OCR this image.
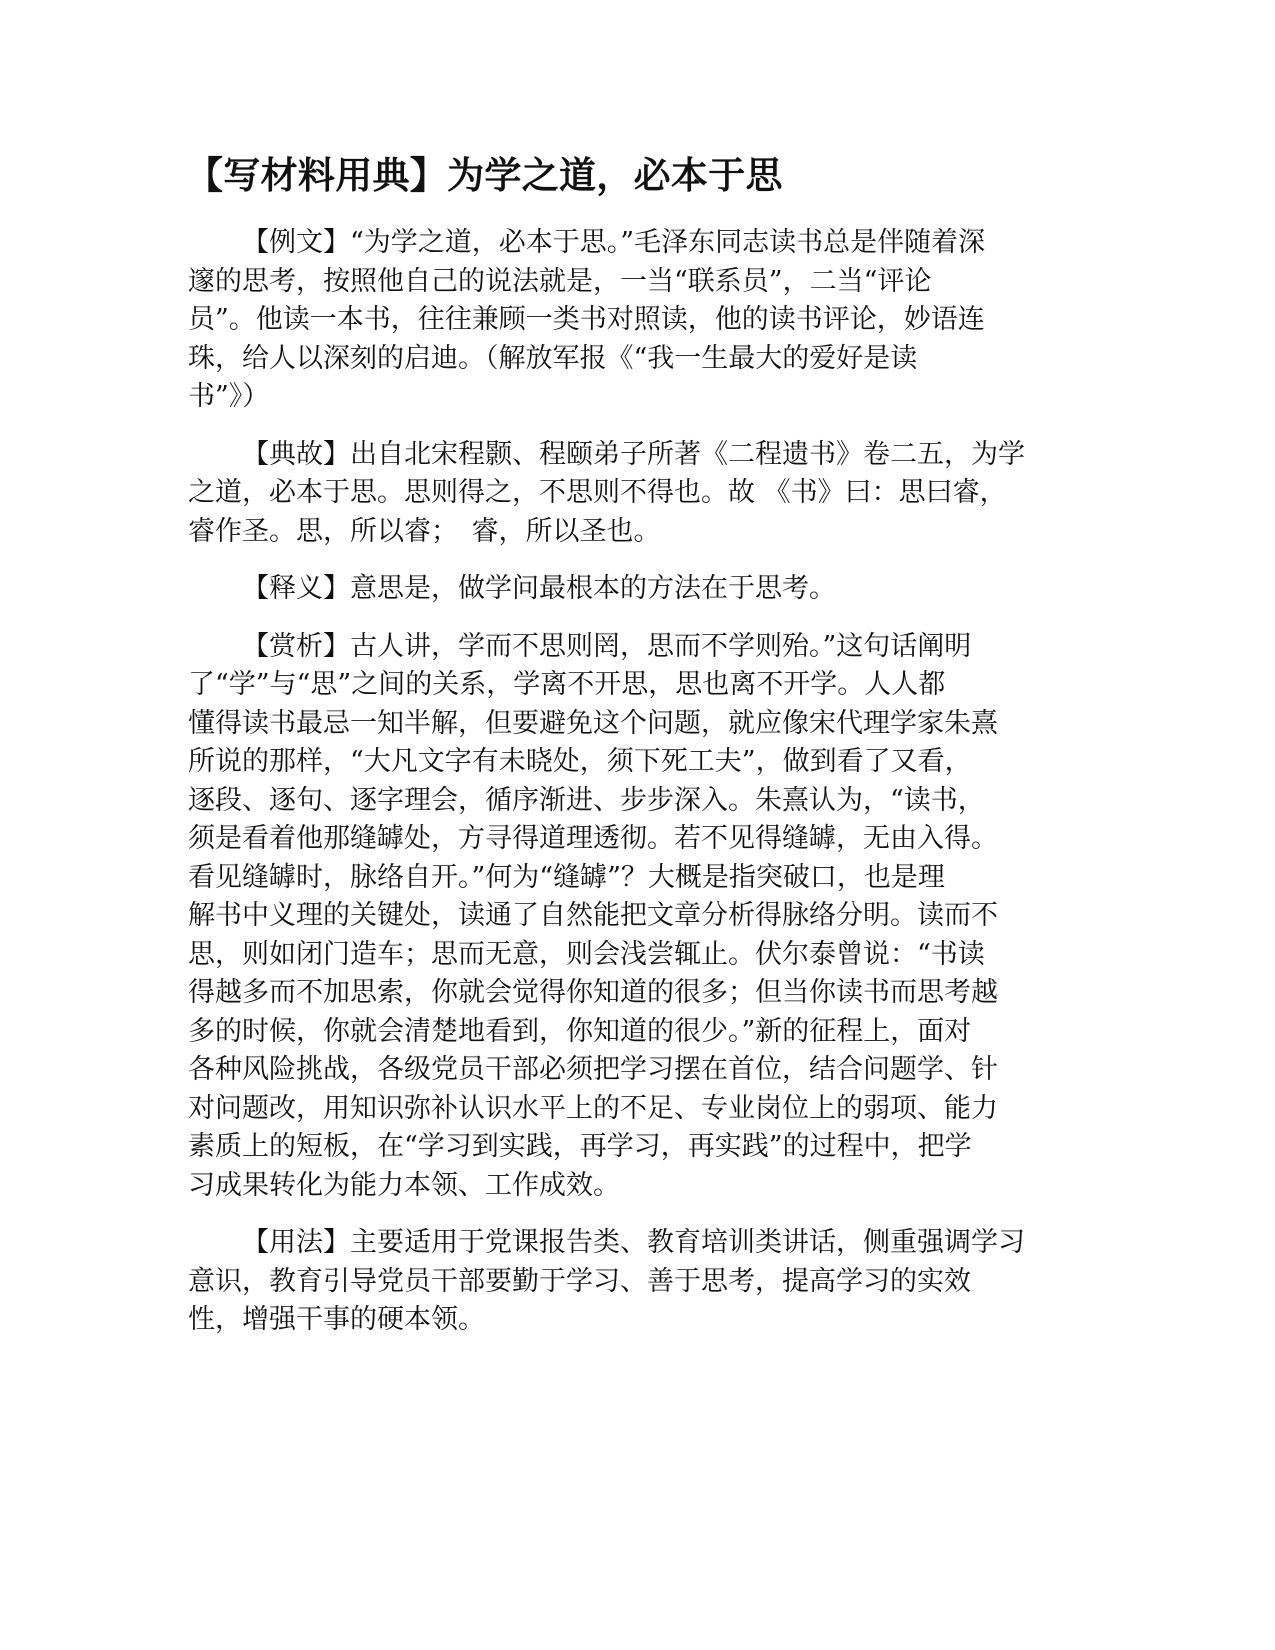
【写材料用典】为学之道，必本于思

【例文】“为学之道，必本于思。”毛泽东同志读书总是伴随着深
邃的思考，按照他自己的说法就是，一当“联系员”，二当“评论
员”。他读一本书，往往兼顾一类书对照读，他的读书评论，妙语连
珠，给人以深刻的启迪。（解放军报《“我一生最大的爱好是读
书”》）

【典故】出自北宋程颢、程颐弟子所著《二程遗书》卷二五，为学
之道，必本于思。思则得之，不思则不得也。故 《书》曰：思曰睿，
睿作圣。思，所以睿；　睿，所以圣也。

【释义】意思是，做学问最根本的方法在于思考。

【赏析】古人讲，学而不思则罔，思而不学则殆。”这句话阐明
了“学”与“思”之间的关系，学离不开思，思也离不开学。人人都
懂得读书最忌一知半解，但要避免这个问题，就应像宋代理学家朱熹
所说的那样，“大凡文字有未晓处，须下死工夫”，做到看了又看，
逐段、逐句、逐字理会，循序渐进、步步深入。朱熹认为，“读书，
须是看着他那缝罅处，方寻得道理透彻。若不见得缝罅，无由入得。
看见缝罅时，脉络自开。”何为“缝罅”？大概是指突破口，也是理
解书中义理的关键处，读通了自然能把文章分析得脉络分明。读而不
思，则如闭门造车；思而无意，则会浅尝辄止。伏尔泰曾说：“书读
得越多而不加思索，你就会觉得你知道的很多；但当你读书而思考越
多的时候，你就会清楚地看到，你知道的很少。”新的征程上，面对
各种风险挑战，各级党员干部必须把学习摆在首位，结合问题学、针
对问题改，用知识弥补认识水平上的不足、专业岗位上的弱项、能力
素质上的短板，在“学习到实践，再学习，再实践”的过程中，把学
习成果转化为能力本领、工作成效。

【用法】主要适用于党课报告类、教育培训类讲话，侧重强调学习
意识，教育引导党员干部要勤于学习、善于思考，提高学习的实效
性，增强干事的硬本领。
